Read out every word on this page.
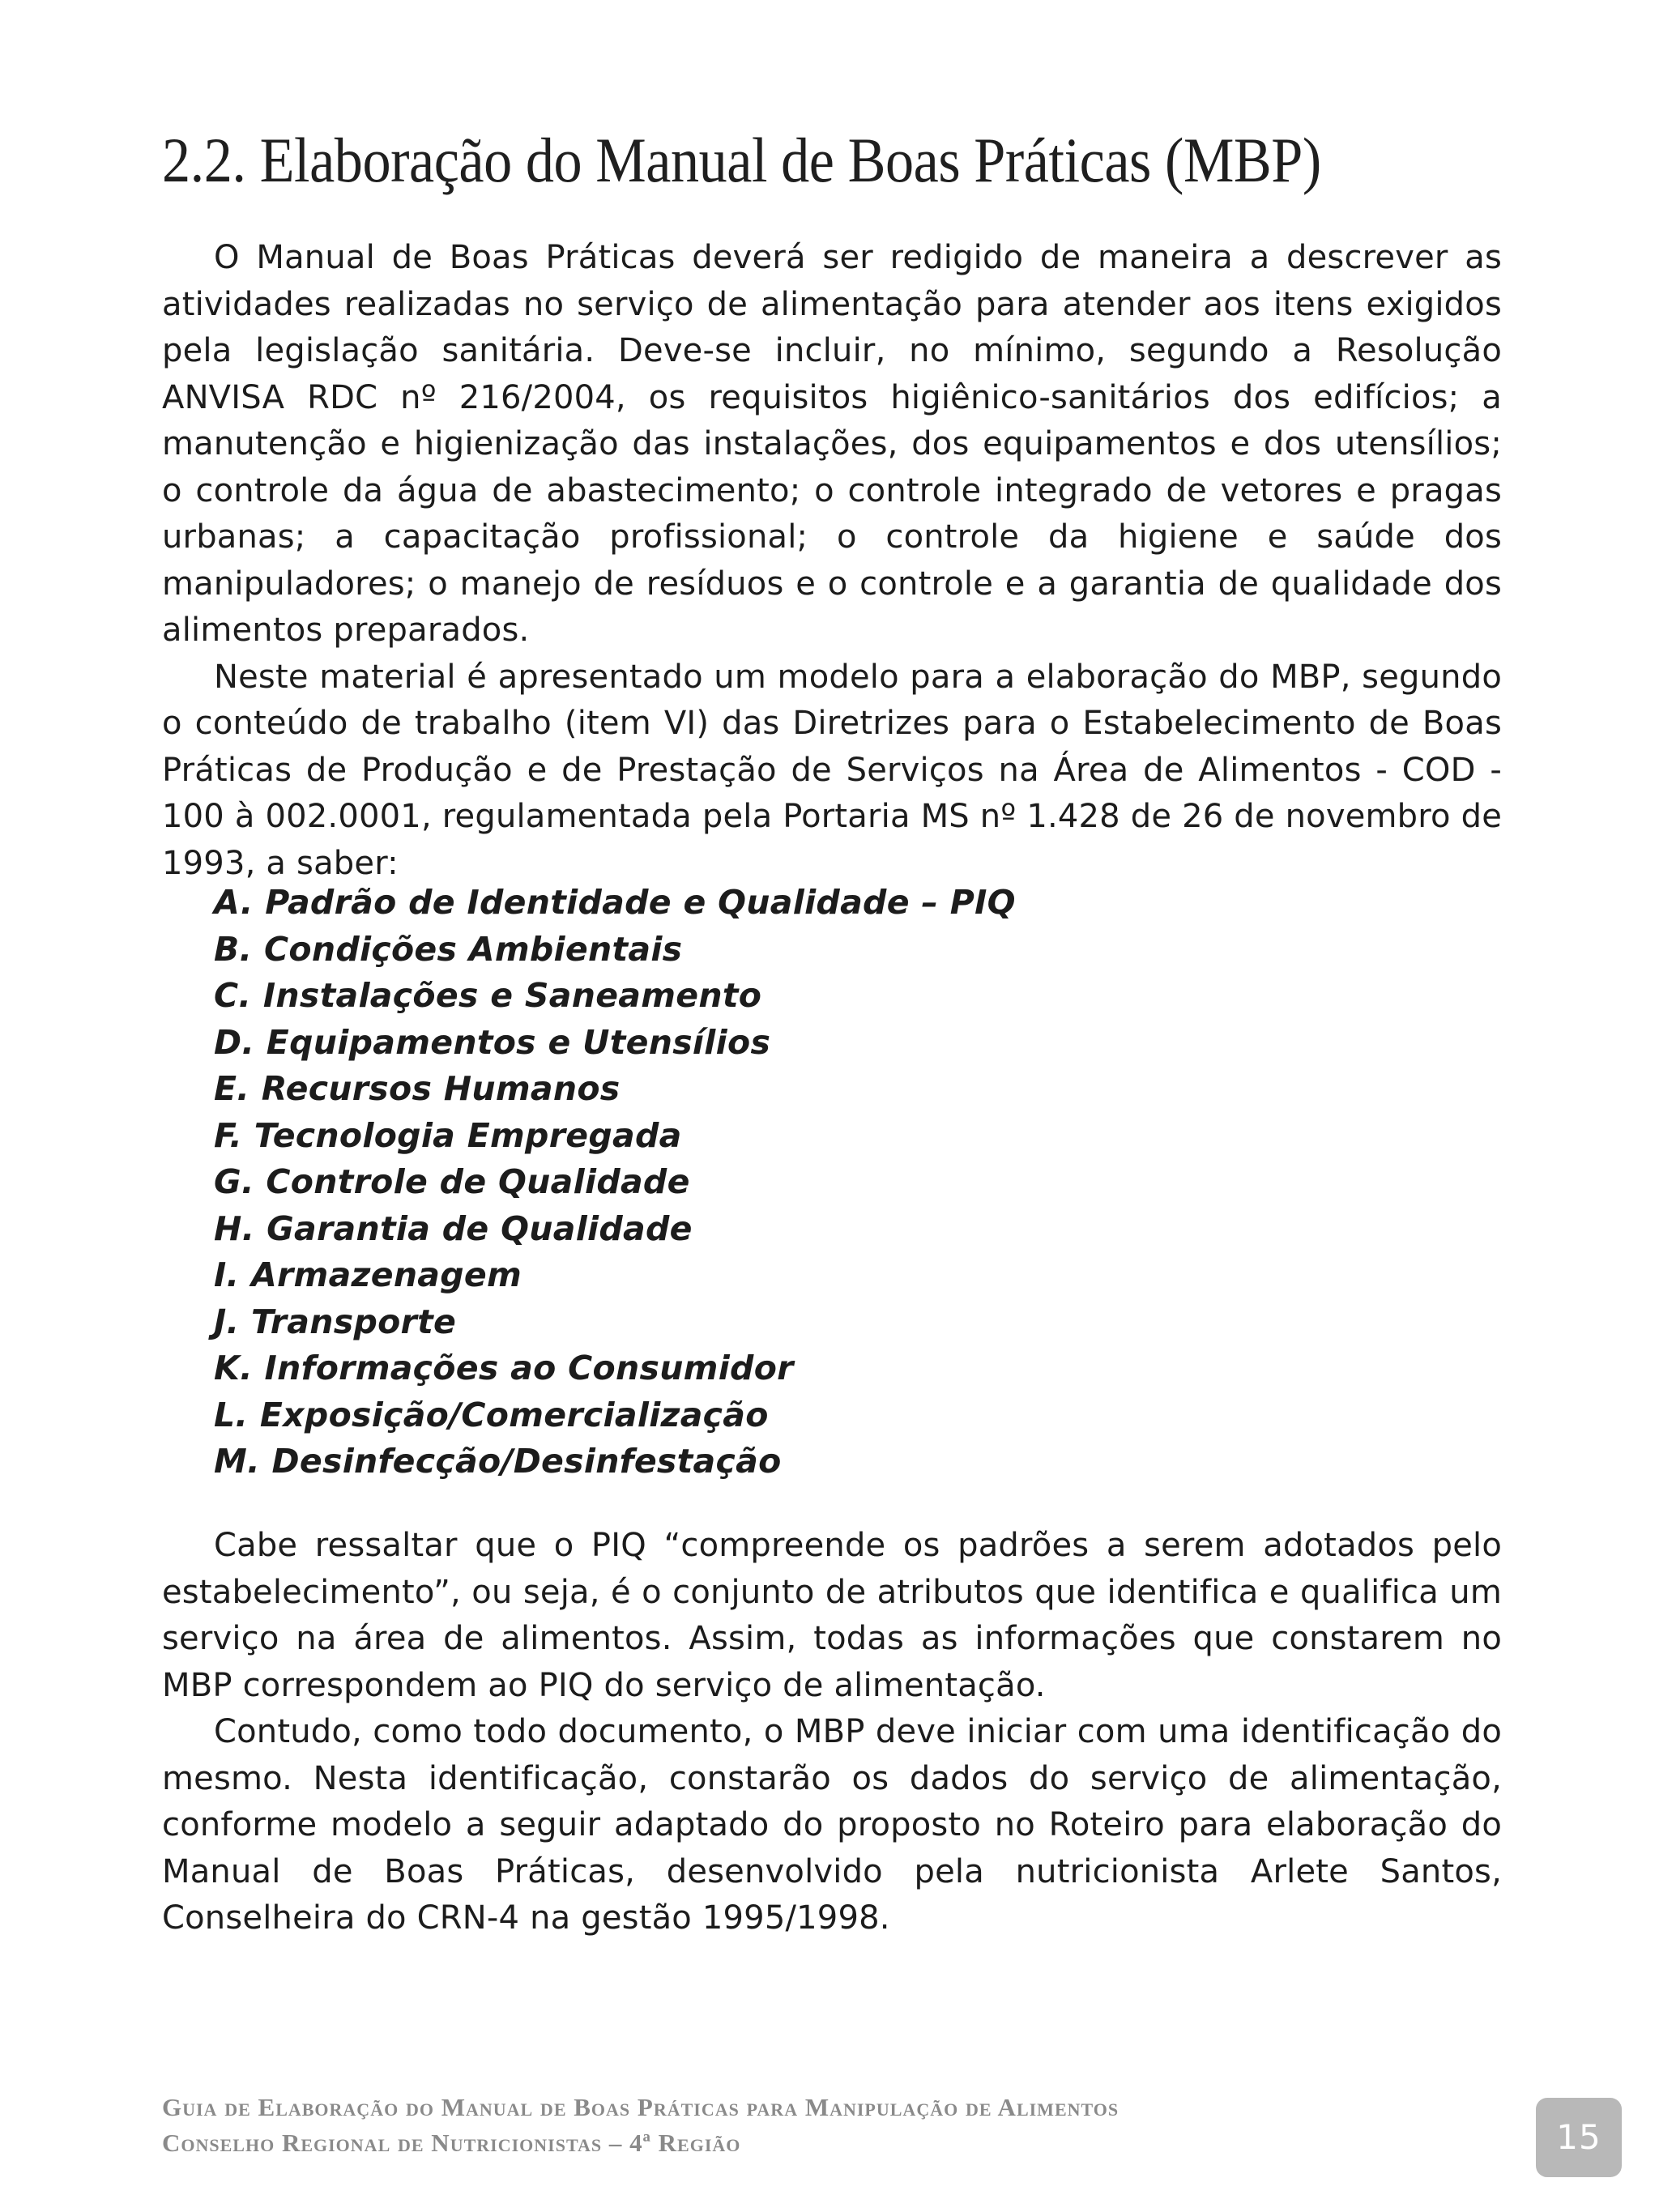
2.2. Elaboração do Manual de Boas Práticas (MBP)

O Manual de Boas Práticas deverá ser redigido de maneira a descrever as atividades realizadas no serviço de alimentação para atender aos itens exigidos pela legislação sanitária. Deve-se incluir, no mínimo, segundo a Resolução ANVISA RDC nº 216/2004, os requisitos higiênico-sanitários dos edifícios; a manutenção e higienização das instalações, dos equipamentos e dos utensílios; o controle da água de abastecimento; o controle integrado de vetores e pragas urbanas; a capacitação profissional; o controle da higiene e saúde dos manipuladores; o manejo de resíduos e o controle e a garantia de qualidade dos alimentos preparados.

Neste material é apresentado um modelo para a elaboração do MBP, segundo o conteúdo de trabalho (item VI) das Diretrizes para o Estabelecimento de Boas Práticas de Produção e de Prestação de Serviços na Área de Alimentos - COD - 100 à 002.0001, regulamentada pela Portaria MS nº 1.428 de 26 de novembro de 1993, a saber:

A. Padrão de Identidade e Qualidade – PIQ
B. Condições Ambientais
C. Instalações e Saneamento
D. Equipamentos e Utensílios
E. Recursos Humanos
F. Tecnologia Empregada
G. Controle de Qualidade
H. Garantia de Qualidade
I. Armazenagem
J. Transporte
K. Informações ao Consumidor
L. Exposição/Comercialização
M. Desinfecção/Desinfestação

Cabe ressaltar que o PIQ “compreende os padrões a serem adotados pelo estabelecimento”, ou seja, é o conjunto de atributos que identifica e qualifica um serviço na área de alimentos. Assim, todas as informações que constarem no MBP correspondem ao PIQ do serviço de alimentação.

Contudo, como todo documento, o MBP deve iniciar com uma identificação do mesmo. Nesta identificação, constarão os dados do serviço de alimentação, conforme modelo a seguir adaptado do proposto no Roteiro para elaboração do Manual de Boas Práticas, desenvolvido pela nutricionista Arlete Santos, Conselheira do CRN-4 na gestão 1995/1998.

Guia de Elaboração do Manual de Boas Práticas para Manipulação de Alimentos
Conselho Regional de Nutricionistas – 4ª Região	15
